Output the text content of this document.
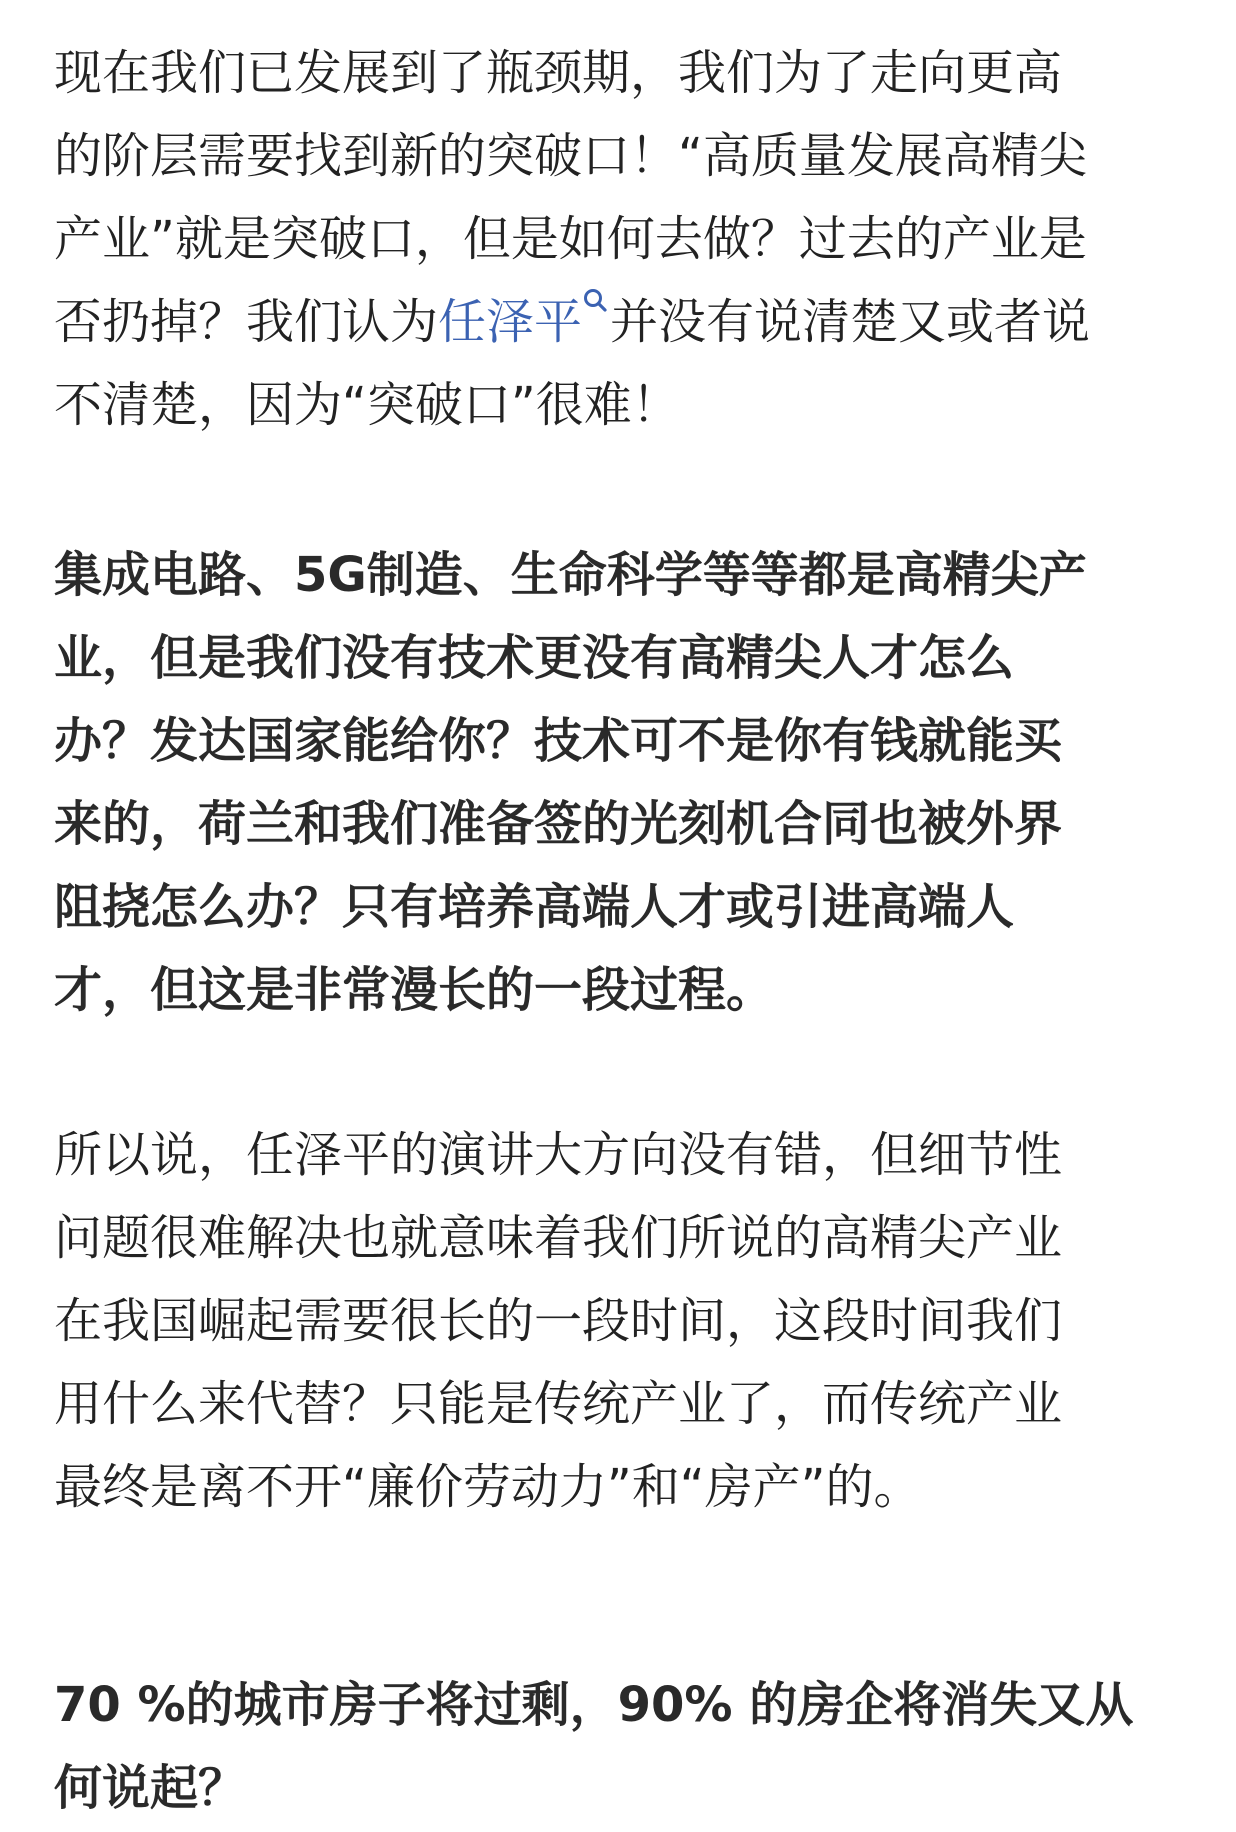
现在我们已发展到了瓶颈期，我们为了走向更高
的阶层需要找到新的突破口！“高质量发展高精尖
产业”就是突破口，但是如何去做？过去的产业是
否扔掉？我们认为任泽平 并没有说清楚又或者说
不清楚，因为“突破口”很难！

集成电路、5G制造、生命科学等等都是高精尖产
业，但是我们没有技术更没有高精尖人才怎么
办？发达国家能给你？技术可不是你有钱就能买
来的，荷兰和我们准备签的光刻机合同也被外界
阻挠怎么办？只有培养高端人才或引进高端人
才，但这是非常漫长的一段过程。

所以说，任泽平的演讲大方向没有错，但细节性
问题很难解决也就意味着我们所说的高精尖产业
在我国崛起需要很长的一段时间，这段时间我们
用什么来代替？只能是传统产业了，而传统产业
最终是离不开“廉价劳动力”和“房产”的。

70 %的城市房子将过剩，90% 的房企将消失又从
何说起？
